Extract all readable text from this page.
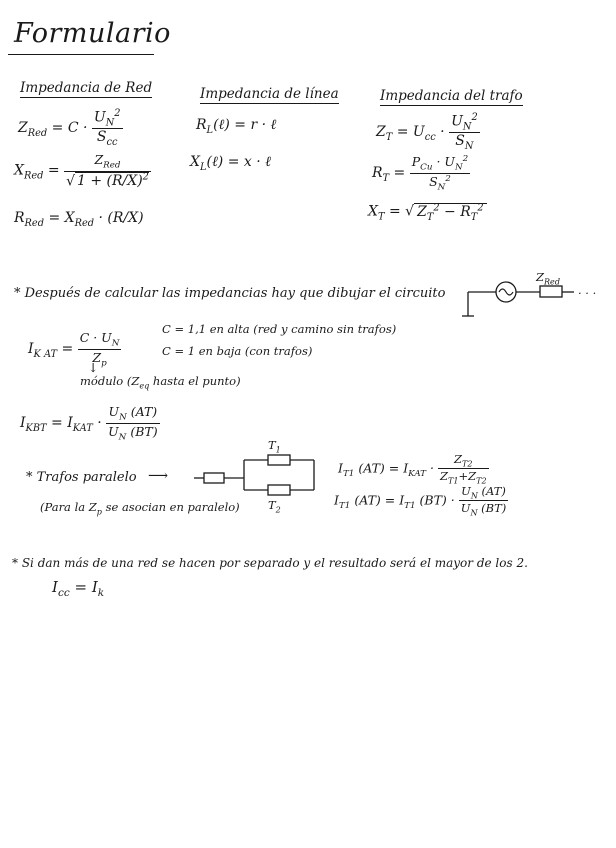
Formulario
Impedancia de Red
$Z_{Red} = C \cdot \frac{U_N^2}{S_{cc}}$
$X_{Red} = \frac{Z_{Red}}{√ 1 + (R/X)^2}$
$R_{Red} = X_{Red} \cdot (R/X)$
Impedancia de línea
$R_L(\ell) = r$ · ℓ
$X_L(\ell) = x$ · ℓ
Impedancia del trafo
$Z_T = U_{cc} \cdot \frac{U_N^2}{S_N}$
$R_T = \frac{P_{Cu} \cdot U_N^2}{S_N^2}$
$X_T$ = √ $Z_T^2 - R_T^2$
* Después de calcular las impedancias hay que dibujar el circuito
$Z_{Red}$
· · ·
$I_{K AT} = \frac{C \cdot U_N}{Z_p}$
↓
módulo ($Z_{eq}$ hasta el punto)
C = 1,1 en alta (red y camino sin trafos)
C = 1 en baja (con trafos)
$I_{KBT} = I_{KAT} \cdot \frac{U_N (AT)}{U_N (BT)}$
* Trafos paralelo ⟶
(Para la $Z_p$ se asocian en paralelo)
$T_1$
$T_2$
$I_{T1}$ $(AT) = I_{KAT} \cdot \frac{Z_{T2}}{Z_{T1}+Z_{T2}}$
$I_{T1}$ $(AT) = I_{T1}$ $(BT) \cdot \frac{U_N (AT)}{U_N (BT)}$
* Si dan más de una red se hacen por separado y el resultado será el mayor de los 2.
$I_{cc} = I_k$
